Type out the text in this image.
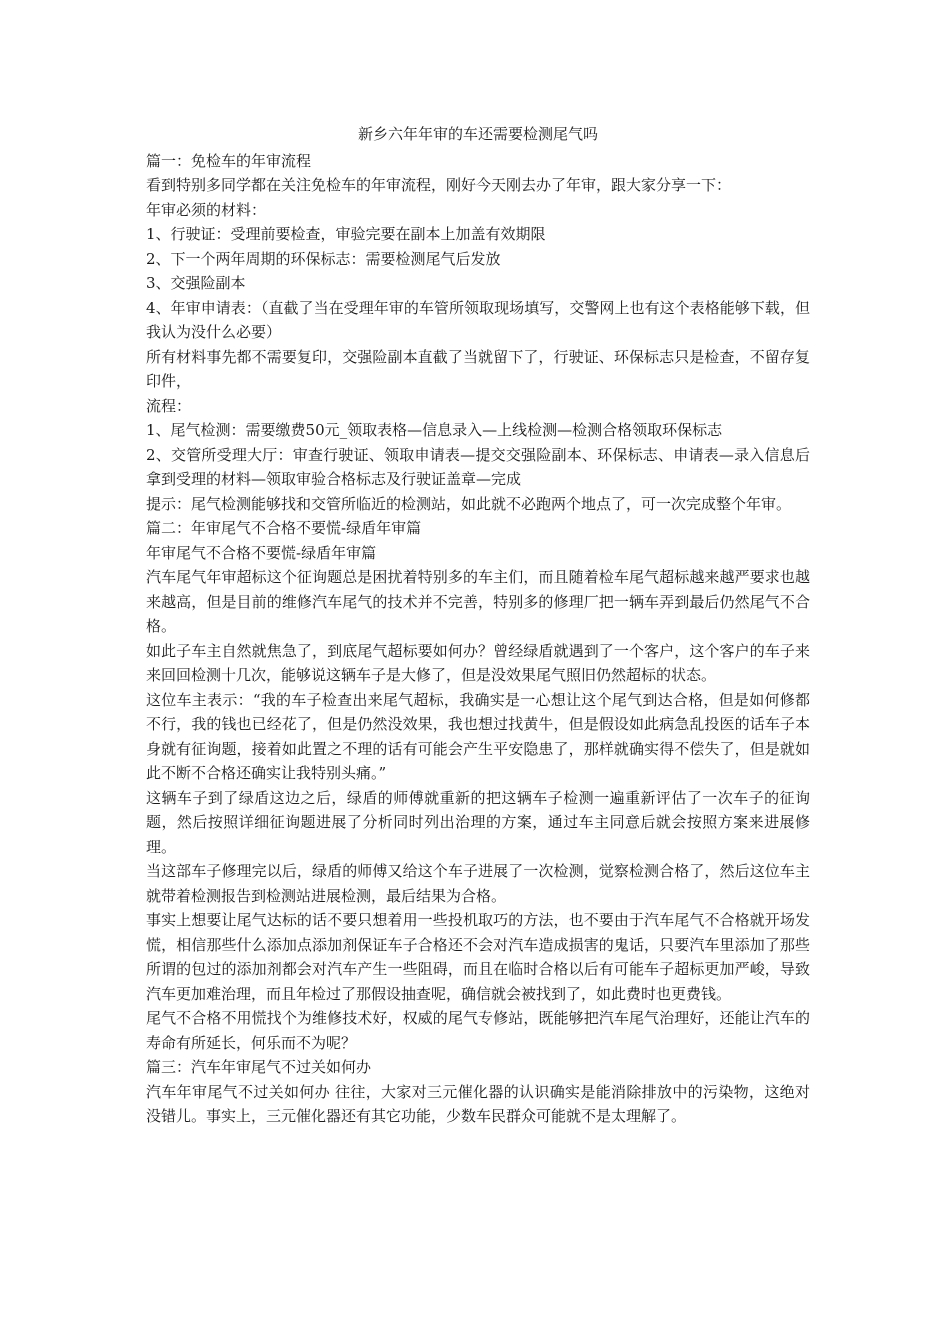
新乡六年年审的车还需要检测尾气吗

篇一：免检车的年审流程

看到特别多同学都在关注免检车的年审流程，刚好今天刚去办了年审，跟大家分享一下：

年审必须的材料：

1、行驶证：受理前要检查，审验完要在副本上加盖有效期限

2、下一个两年周期的环保标志：需要检测尾气后发放

3、交强险副本

4、年审申请表：（直截了当在受理年审的车管所领取现场填写，交警网上也有这个表格能够下载，但我认为没什么必要）

所有材料事先都不需要复印，交强险副本直截了当就留下了，行驶证、环保标志只是检查，不留存复印件，

流程：

1、尾气检测：需要缴费50元_领取表格—信息录入—上线检测—检测合格领取环保标志

2、交管所受理大厅：审查行驶证、领取申请表—提交交强险副本、环保标志、申请表—录入信息后拿到受理的材料—领取审验合格标志及行驶证盖章—完成

提示：尾气检测能够找和交管所临近的检测站，如此就不必跑两个地点了，可一次完成整个年审。

篇二：年审尾气不合格不要慌-绿盾年审篇

年审尾气不合格不要慌-绿盾年审篇

汽车尾气年审超标这个征询题总是困扰着特别多的车主们，而且随着检车尾气超标越来越严要求也越来越高，但是目前的维修汽车尾气的技术并不完善，特别多的修理厂把一辆车弄到最后仍然尾气不合格。

如此子车主自然就焦急了，到底尾气超标要如何办？曾经绿盾就遇到了一个客户，这个客户的车子来来回回检测十几次，能够说这辆车子是大修了，但是没效果尾气照旧仍然超标的状态。

这位车主表示：“我的车子检查出来尾气超标，我确实是一心想让这个尾气到达合格，但是如何修都不行，我的钱也已经花了，但是仍然没效果，我也想过找黄牛，但是假设如此病急乱投医的话车子本身就有征询题，接着如此置之不理的话有可能会产生平安隐患了，那样就确实得不偿失了，但是就如此不断不合格还确实让我特别头痛。”

这辆车子到了绿盾这边之后，绿盾的师傅就重新的把这辆车子检测一遍重新评估了一次车子的征询题，然后按照详细征询题进展了分析同时列出治理的方案，通过车主同意后就会按照方案来进展修理。

当这部车子修理完以后，绿盾的师傅又给这个车子进展了一次检测，觉察检测合格了，然后这位车主就带着检测报告到检测站进展检测，最后结果为合格。

事实上想要让尾气达标的话不要只想着用一些投机取巧的方法，也不要由于汽车尾气不合格就开场发慌，相信那些什么添加点添加剂保证车子合格还不会对汽车造成损害的鬼话，只要汽车里添加了那些所谓的包过的添加剂都会对汽车产生一些阻碍，而且在临时合格以后有可能车子超标更加严峻，导致汽车更加难治理，而且年检过了那假设抽查呢，确信就会被找到了，如此费时也更费钱。

尾气不合格不用慌找个为维修技术好，权威的尾气专修站，既能够把汽车尾气治理好，还能让汽车的寿命有所延长，何乐而不为呢？

篇三：汽车年审尾气不过关如何办

汽车年审尾气不过关如何办 往往，大家对三元催化器的认识确实是能消除排放中的污染物，这绝对没错儿。事实上，三元催化器还有其它功能，少数车民群众可能就不是太理解了。
